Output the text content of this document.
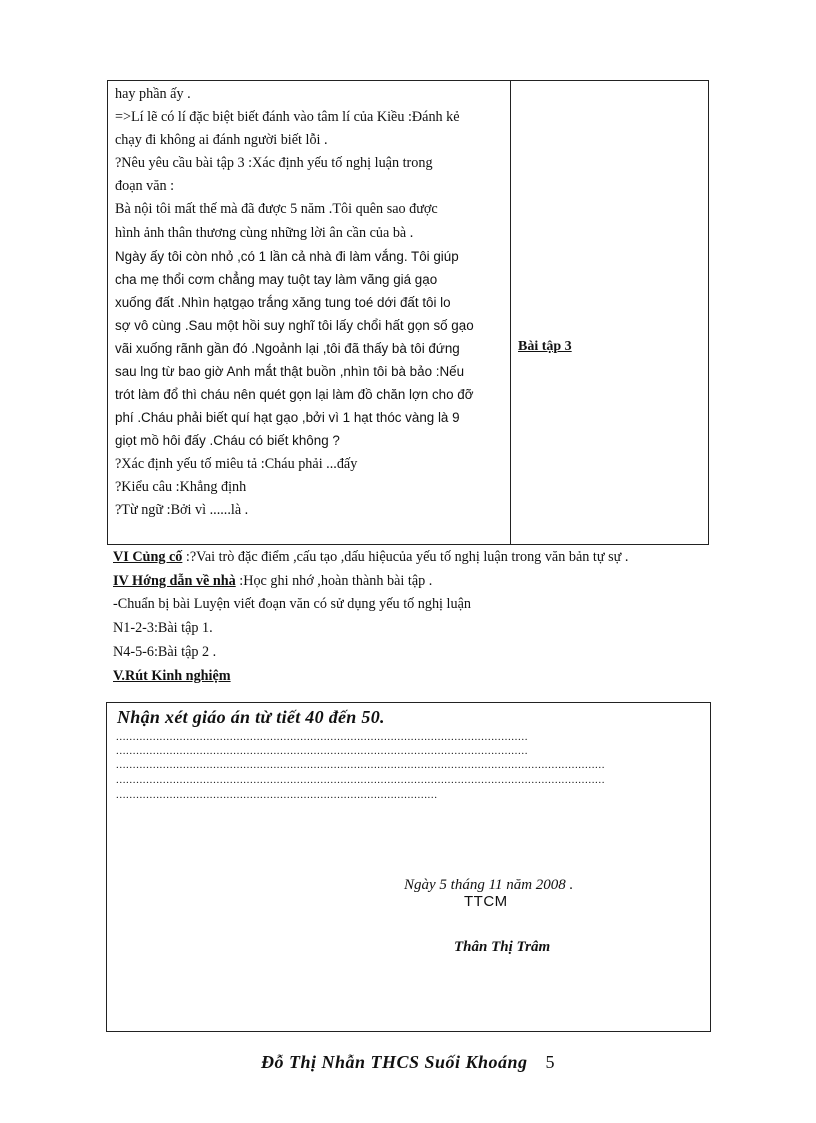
hay phần ấy .
=>Lí lẽ có lí đặc biệt biết đánh vào tâm lí của Kiều :Đánh kẻ
chạy đi không ai đánh người biết lỗi .
?Nêu yêu cầu bài tập 3 :Xác định yếu tố nghị luận trong
đoạn văn :
Bà nội tôi mất thế mà đã được 5 năm .Tôi quên sao được
hình ảnh thân thương cùng những lời ân cần của bà .
Ngày ấy tôi còn nhỏ ,có 1 lần cả nhà đi làm vắng. Tôi giúp
cha mẹ thổi cơm chẳng may tuột tay làm vãng giá gạo
xuống đất .Nhìn hạtgạo trắng xăng tung toé dới đất tôi lo
sợ vô cùng .Sau một hồi suy nghĩ tôi lấy chổi hất gọn số gạo
vãi xuống rãnh gần đó .Ngoảnh lại ,tôi đã thấy bà tôi đứng
sau lng từ bao giờ Anh mắt thật buồn ,nhìn tôi bà bảo :Nếu
trót làm đổ thì cháu nên quét gọn lại làm đồ chăn lợn cho đỡ
phí .Cháu phải biết quí hạt gạo ,bởi vì 1 hạt thóc vàng là 9
giọt mồ hôi đấy .Cháu có biết không ?
?Xác định yếu tố miêu tả :Cháu phải ...đấy
?Kiểu câu :Khẳng định
?Từ ngữ :Bởi vì ......là .
Bài tập 3
VI Củng cố :?Vai trò đặc điểm ,cấu tạo ,dấu hiệucủa yếu tố nghị luận trong văn bản tự sự .
IV Hớng dẫn về nhà :Học ghi nhớ ,hoàn thành bài tập .
-Chuẩn bị bài Luyện viết đoạn văn có sử dụng yếu tố nghị luận
N1-2-3:Bài tập 1.
N4-5-6:Bài tập 2 .
V.Rút Kinh nghiệm
Nhận xét giáo án từ tiết 40 đến 50.
...........................................................................................................................
...........................................................................................................................
..................................................................................................................................................
..................................................................................................................................................
................................................................................................
Ngày 5 tháng 11 năm 2008 .
TTCM
Thân Thị Trâm
Đỗ Thị Nhẫn THCS Suối Khoáng 5
